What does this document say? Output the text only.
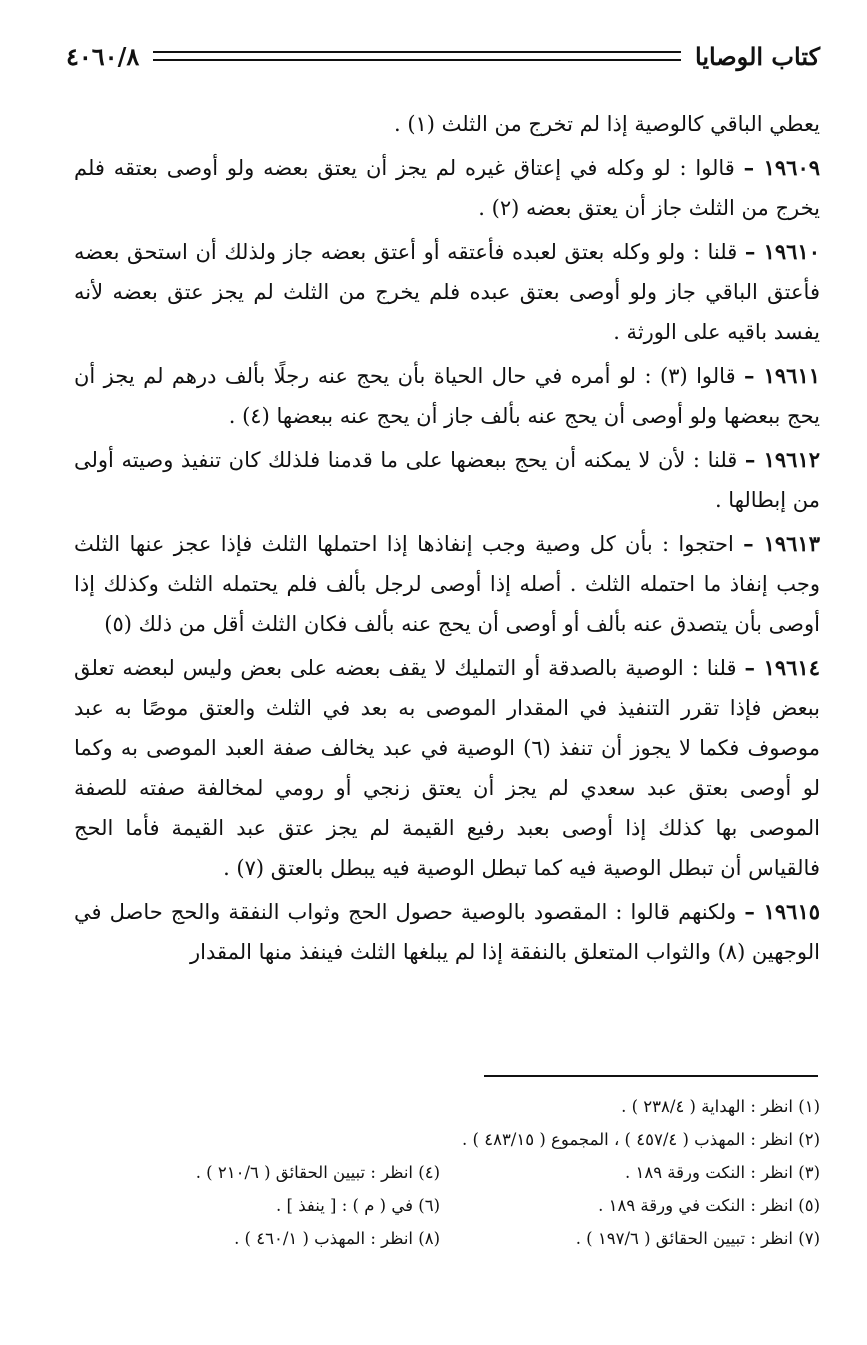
كتاب الوصايا
٤٠٦٠/٨

يعطي الباقي كالوصية إذا لم تخرج من الثلث (١) .

١٩٦٠٩ – قالوا : لو وكله في إعتاق غيره لم يجز أن يعتق بعضه ولو أوصى بعتقه فلم يخرج من الثلث جاز أن يعتق بعضه (٢) .

١٩٦١٠ – قلنا : ولو وكله بعتق لعبده فأعتقه أو أعتق بعضه جاز ولذلك أن استحق بعضه فأعتق الباقي جاز ولو أوصى بعتق عبده فلم يخرج من الثلث لم يجز عتق بعضه لأنه يفسد باقيه على الورثة .

١٩٦١١ – قالوا (٣) : لو أمره في حال الحياة بأن يحج عنه رجلًا بألف درهم لم يجز أن يحج ببعضها ولو أوصى أن يحج عنه بألف جاز أن يحج عنه ببعضها (٤) .

١٩٦١٢ – قلنا : لأن لا يمكنه أن يحج ببعضها على ما قدمنا فلذلك كان تنفيذ وصيته أولى من إبطالها .

١٩٦١٣ – احتجوا : بأن كل وصية وجب إنفاذها إذا احتملها الثلث فإذا عجز عنها الثلث وجب إنفاذ ما احتمله الثلث . أصله إذا أوصى لرجل بألف فلم يحتمله الثلث وكذلك إذا أوصى بأن يتصدق عنه بألف أو أوصى أن يحج عنه بألف فكان الثلث أقل من ذلك (٥)

١٩٦١٤ – قلنا : الوصية بالصدقة أو التمليك لا يقف بعضه على بعض وليس لبعضه تعلق ببعض فإذا تقرر التنفيذ في المقدار الموصى به بعد في الثلث والعتق موصًا به عبد موصوف فكما لا يجوز أن تنفذ (٦) الوصية في عبد يخالف صفة العبد الموصى به وكما لو أوصى بعتق عبد سعدي لم يجز أن يعتق زنجي أو رومي لمخالفة صفته للصفة الموصى بها كذلك إذا أوصى بعبد رفيع القيمة لم يجز عتق عبد القيمة فأما الحج فالقياس أن تبطل الوصية فيه كما تبطل الوصية فيه يبطل بالعتق (٧) .

١٩٦١٥ – ولكنهم قالوا : المقصود بالوصية حصول الحج وثواب النفقة والحج حاصل في الوجهين (٨) والثواب المتعلق بالنفقة إذا لم يبلغها الثلث فينفذ منها المقدار

(١) انظر : الهداية ( ٢٣٨/٤ ) .
(٢) انظر : المهذب ( ٤٥٧/٤ ) ، المجموع ( ٤٨٣/١٥ ) .
(٣) انظر : النكت ورقة ١٨٩ .
(٤) انظر : تبيين الحقائق ( ٢١٠/٦ ) .
(٥) انظر : النكت في ورقة ١٨٩ .
(٦) في ( م ) : [ ينفذ ] .
(٧) انظر : تبيين الحقائق ( ١٩٧/٦ ) .
(٨) انظر : المهذب ( ٤٦٠/١ ) .
